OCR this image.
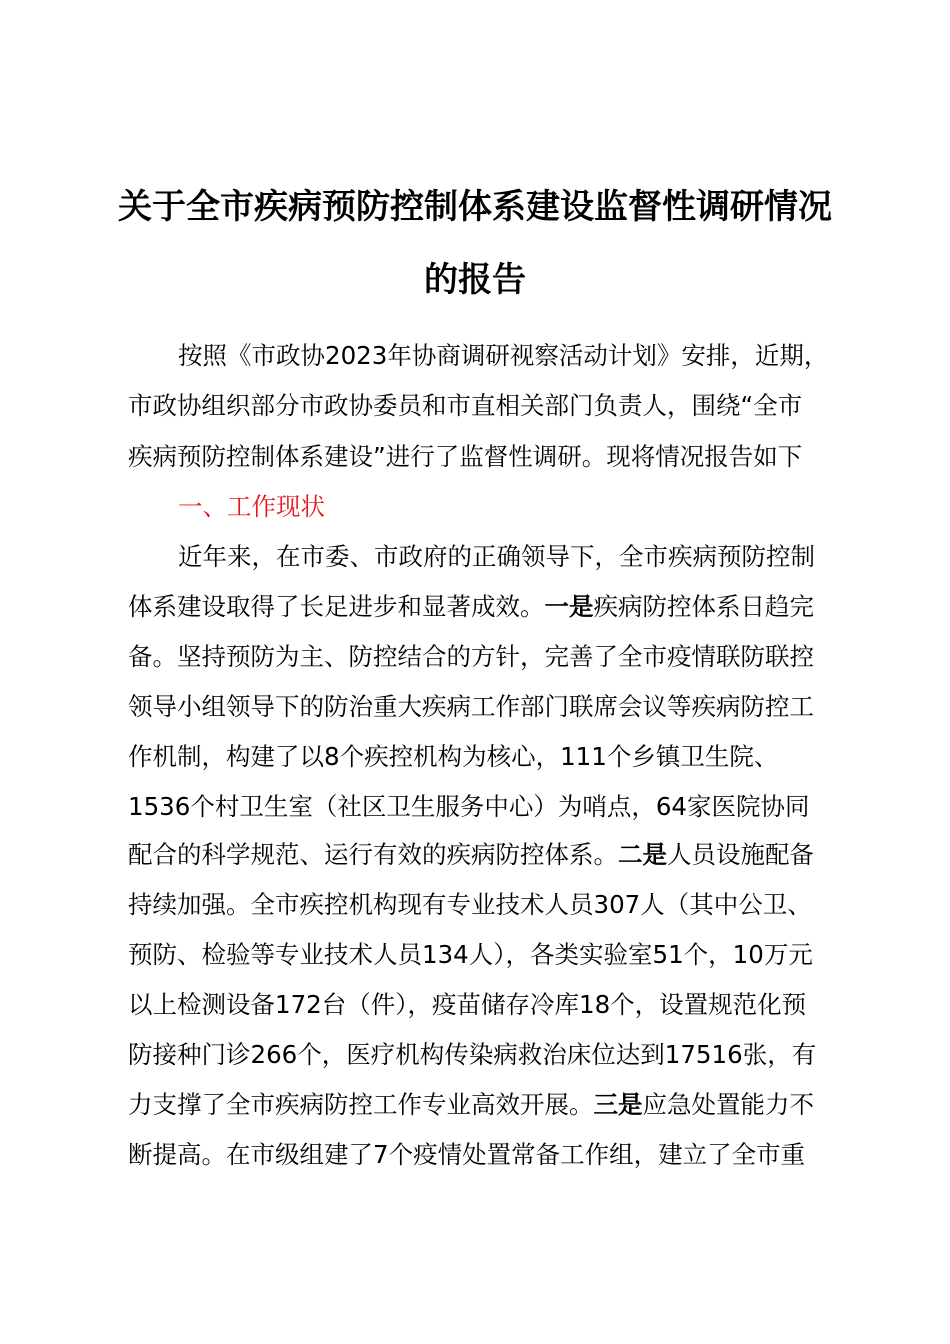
关于全市疾病预防控制体系建设监督性调研情况
的报告
按照《市政协2023年协商调研视察活动计划》安排，近期，
市政协组织部分市政协委员和市直相关部门负责人，围绕“全市
疾病预防控制体系建设”进行了监督性调研。现将情况报告如下
一、工作现状
近年来，在市委、市政府的正确领导下，全市疾病预防控制
体系建设取得了长足进步和显著成效。一是疾病防控体系日趋完
备。坚持预防为主、防控结合的方针，完善了全市疫情联防联控
领导小组领导下的防治重大疾病工作部门联席会议等疾病防控工
作机制，构建了以8个疾控机构为核心，111个乡镇卫生院、
1536个村卫生室（社区卫生服务中心）为哨点，64家医院协同
配合的科学规范、运行有效的疾病防控体系。二是人员设施配备
持续加强。全市疾控机构现有专业技术人员307人（其中公卫、
预防、检验等专业技术人员134人），各类实验室51个，10万元
以上检测设备172台（件），疫苗储存冷库18个，设置规范化预
防接种门诊266个，医疗机构传染病救治床位达到17516张，有
力支撑了全市疾病防控工作专业高效开展。三是应急处置能力不
断提高。在市级组建了7个疫情处置常备工作组，建立了全市重
